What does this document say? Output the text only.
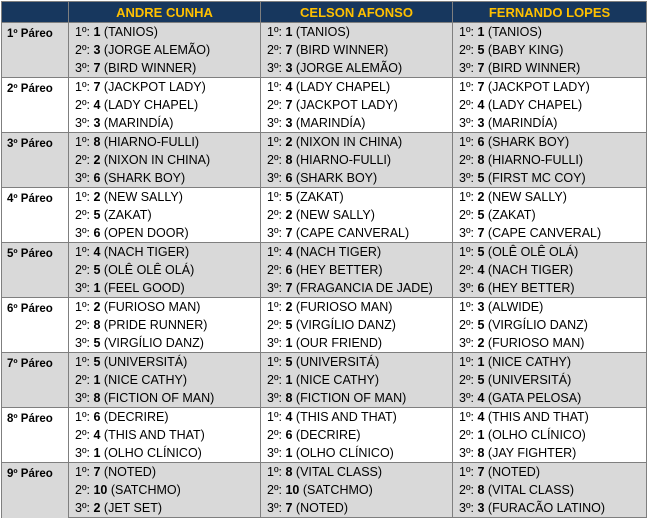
	ANDRE CUNHA	CELSON AFONSO	FERNANDO LOPES
1º Páreo	1º: 1 (TANIOS)	1º: 1 (TANIOS)	1º: 1 (TANIOS)
	2º: 3 (JORGE ALEMÃO)	2º: 7 (BIRD WINNER)	2º: 5 (BABY KING)
	3º: 7 (BIRD WINNER)	3º: 3 (JORGE ALEMÃO)	3º: 7 (BIRD WINNER)
2º Páreo	1º: 7 (JACKPOT LADY)	1º: 4 (LADY CHAPEL)	1º: 7 (JACKPOT LADY)
	2º: 4 (LADY CHAPEL)	2º: 7 (JACKPOT LADY)	2º: 4 (LADY CHAPEL)
	3º: 3 (MARINDÍA)	3º: 3 (MARINDÍA)	3º: 3 (MARINDÍA)
3º Páreo	1º: 8 (HIARNO-FULLI)	1º: 2 (NIXON IN CHINA)	1º: 6 (SHARK BOY)
	2º: 2 (NIXON IN CHINA)	2º: 8 (HIARNO-FULLI)	2º: 8 (HIARNO-FULLI)
	3º: 6 (SHARK BOY)	3º: 6 (SHARK BOY)	3º: 5 (FIRST MC COY)
4º Páreo	1º: 2 (NEW SALLY)	1º: 5 (ZAKAT)	1º: 2 (NEW SALLY)
	2º: 5 (ZAKAT)	2º: 2 (NEW SALLY)	2º: 5 (ZAKAT)
	3º: 6 (OPEN DOOR)	3º: 7 (CAPE CANVERAL)	3º: 7 (CAPE CANVERAL)
5º Páreo	1º: 4 (NACH TIGER)	1º: 4 (NACH TIGER)	1º: 5 (OLÊ OLÊ OLÁ)
	2º: 5 (OLÊ OLÊ OLÁ)	2º: 6 (HEY BETTER)	2º: 4 (NACH TIGER)
	3º: 1 (FEEL GOOD)	3º: 7 (FRAGANCIA DE JADE)	3º: 6 (HEY BETTER)
6º Páreo	1º: 2 (FURIOSO MAN)	1º: 2 (FURIOSO MAN)	1º: 3 (ALWIDE)
	2º: 8 (PRIDE RUNNER)	2º: 5 (VIRGÍLIO DANZ)	2º: 5 (VIRGÍLIO DANZ)
	3º: 5 (VIRGÍLIO DANZ)	3º: 1 (OUR FRIEND)	3º: 2 (FURIOSO MAN)
7º Páreo	1º: 5 (UNIVERSITÁ)	1º: 5 (UNIVERSITÁ)	1º: 1 (NICE CATHY)
	2º: 1 (NICE CATHY)	2º: 1 (NICE CATHY)	2º: 5 (UNIVERSITÁ)
	3º: 8 (FICTION OF MAN)	3º: 8 (FICTION OF MAN)	3º: 4 (GATA PELOSA)
8º Páreo	1º: 6 (DECRIRE)	1º: 4 (THIS AND THAT)	1º: 4 (THIS AND THAT)
	2º: 4 (THIS AND THAT)	2º: 6 (DECRIRE)	2º: 1 (OLHO CLÍNICO)
	3º: 1 (OLHO CLÍNICO)	3º: 1 (OLHO CLÍNICO)	3º: 8 (JAY FIGHTER)
9º Páreo	1º: 7 (NOTED)	1º: 8 (VITAL CLASS)	1º: 7 (NOTED)
	2º: 10 (SATCHMO)	2º: 10 (SATCHMO)	2º: 8 (VITAL CLASS)
	3º: 2 (JET SET)	3º: 7 (NOTED)	3º: 3 (FURACÃO LATINO)
